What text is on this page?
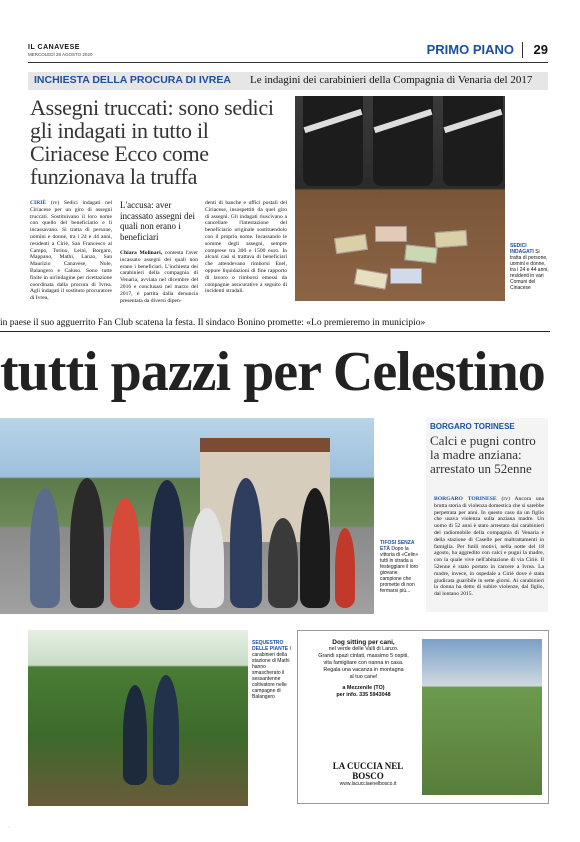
IL CANAVESE
MERCOLEDÌ 28 AGOSTO 2020	PRIMO PIANO 29
INCHIESTA DELLA PROCURA DI IVREA Le indagini dei carabinieri della Compagnia di Venaria del 2017
Assegni truccati: sono sedici gli indagati in tutto il Ciriacese Ecco come funzionava la truffa
SEDICI INDAGATI Si tratta di persone, uomini e donne, tra i 24 e 44 anni, residenti in vari Comuni del Ciriacese
CIRIÈ (rv) Sedici indagati nel Ciriacese per un giro di assegni truccati. Sostituivano il loro nome con quello del beneficiario e li incassavano. Si tratta di persone, uomini e donne, tra i 24 e 44 anni, residenti a Ciriè, San Francesco al Campo, Torino, Leinì, Borgaro, Mappano, Mathi, Lanzo, San Maurizio Canavese, Nole, Balangero e Caluso. Sono tutte finite in un'indagine per ricettazione coordinata dalla procura di Ivrea. Agli indagati il sostituto procuratore di Ivrea,
L'accusa: aver incassato assegni dei quali non erano i beneficiari
Chiara Molinari, contesta l'aver incassato assegni dei quali non erano i beneficiari. L'inchiesta dei carabinieri della compagnia di Venaria, avviata nel dicembre del 2016 e conclusasi nel marzo del 2017, è partita dalla denuncia presentata da diversi dipen-
denti di banche e uffici postali del Ciriacese, insospettiti da quel giro di assegni. Gli indagati riuscivano a cancellare l'intestazione del beneficiario originale sostituendolo con il proprio nome. Incassando le somme degli assegni, sempre comprese tra 300 e 1500 euro. In alcuni casi si trattava di beneficiari che attendevano rimborsi Enel, oppure liquidazioni di fine rapporto di lavoro o rimborsi emessi da compagnie assicurative a seguito di incidenti stradali.
in paese il suo agguerrito Fan Club scatena la festa. Il sindaco Bonino promette: «Lo premieremo in municipio»
tutti pazzi per Celestino
TIFOSI SENZA ETÀ Dopo la vittoria di «Celin» tutti in strada a festeggiare il loro giovane campione che promette di non fermarsi più...
BORGARO TORINESE
Calci e pugni contro la madre anziana: arrestato un 52enne
BORGARO TORINESE (rv) Ancora una brutta storia di violenza domestica che si sarebbe perpetrata per anni. In questo caso da un figlio che usava violenza sulla anziana madre. Un uomo di 52 anni è stato arrestato dai carabinieri del radiomobile della compagnia di Venaria e della stazione di Caselle per maltrattamenti in famiglia. Per futili motivi, nella notte del 18 agosto, ha aggredito con calci e pugni la madre, con la quale vive nell'abitazione di via Ciriè. Il 52enne è stato portato in carcere a Ivrea. La madre, invece, in ospedale a Ciriè dove è stata giudicata guaribile in sette giorni. Ai carabinieri la donna ha detto di subire violenze, dal figlio, dal lontano 2015.
SEQUESTRO DELLE PIANTE I carabinieri della stazione di Mathi hanno smascherato il sessantenne coltivatore nelle campagne di Balangero
Dog sitting per cani,
nel verde delle Valli di Lanzo.
Grandi spazi cintati, massimo 5 ospiti,
vita famigliare con nanna in casa.
Regala una vacanza in montagna
al tuo cane!
a Mezzenile (TO)
per info. 335 5943048
LA CUCCIA NEL BOSCO
www.lacucciaenelbosco.it
·
